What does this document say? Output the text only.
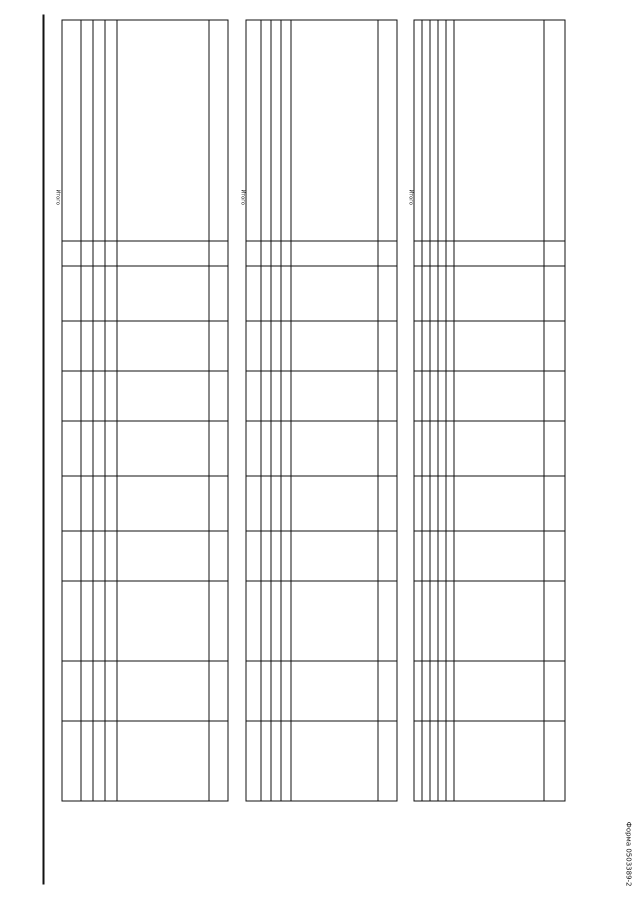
Форма 0503389-2
Итого
Итого
Итого
